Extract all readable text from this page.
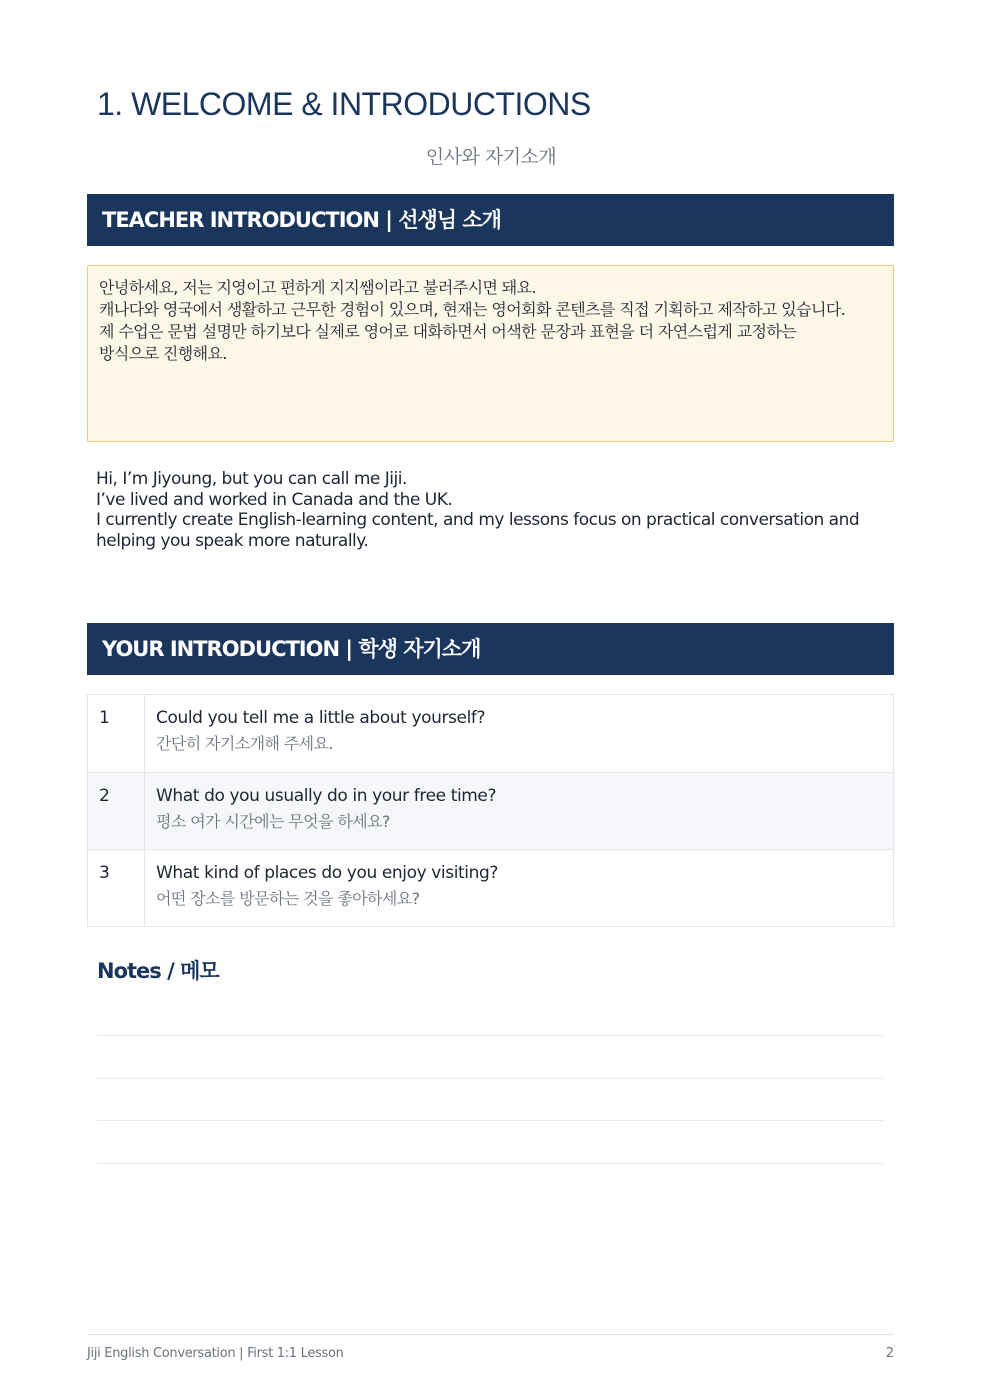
1. WELCOME & INTRODUCTIONS
인사와 자기소개
TEACHER INTRODUCTION | 선생님 소개
안녕하세요, 저는 지영이고 편하게 지지쌤이라고 불러주시면 돼요.
캐나다와 영국에서 생활하고 근무한 경험이 있으며, 현재는 영어회화 콘텐츠를 직접 기획하고 제작하고 있습니다.
제 수업은 문법 설명만 하기보다 실제로 영어로 대화하면서 어색한 문장과 표현을 더 자연스럽게 교정하는
방식으로 진행해요.
Hi, I’m Jiyoung, but you can call me Jiji.
I’ve lived and worked in Canada and the UK.
I currently create English-learning content, and my lessons focus on practical conversation and
helping you speak more naturally.
YOUR INTRODUCTION | 학생 자기소개
1	Could you tell me a little about yourself?
간단히 자기소개해 주세요.
2	What do you usually do in your free time?
평소 여가 시간에는 무엇을 하세요?
3	What kind of places do you enjoy visiting?
어떤 장소를 방문하는 것을 좋아하세요?
Notes / 메모
Jiji English Conversation | First 1:1 Lesson	2
